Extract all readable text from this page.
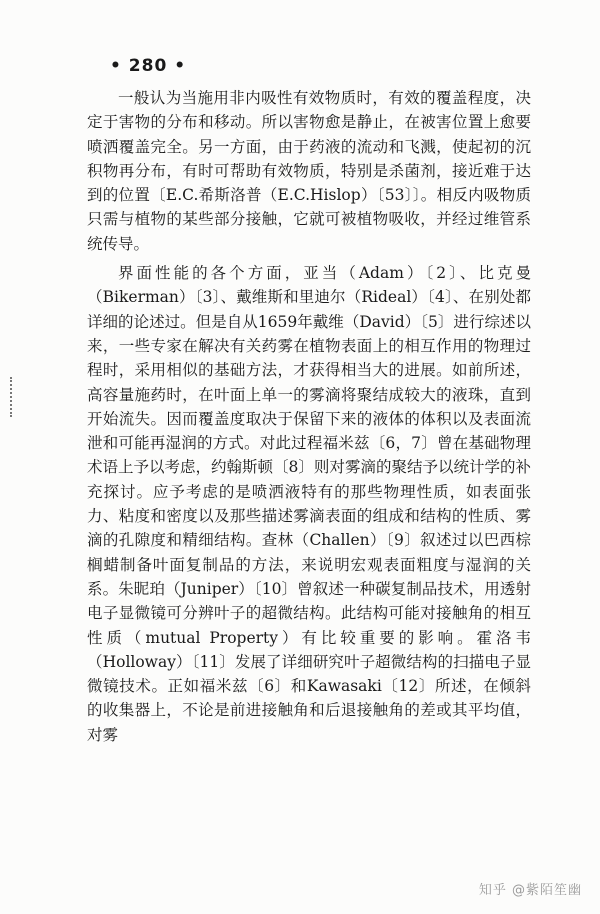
• 280 •

一般认为当施用非内吸性有效物质时，有效的覆盖程度，决定于害物的分布和移动。所以害物愈是静止，在被害位置上愈要喷洒覆盖完全。另一方面，由于药液的流动和飞溅，使起初的沉积物再分布，有时可帮助有效物质，特别是杀菌剂，接近难于达到的位置〔E.C.希斯洛普（E.C.Hislop）〔53〕〕。相反内吸物质只需与植物的某些部分接触，它就可被植物吸收，并经过维管系统传导。

界面性能的各个方面，亚当（Adam）〔2〕、比克曼（Bikerman）〔3〕、戴维斯和里迪尔（Rideal）〔4〕、在别处都详细的论述过。但是自从1659年戴维（David）〔5〕进行综述以来，一些专家在解决有关药雾在植物表面上的相互作用的物理过程时，采用相似的基础方法，才获得相当大的进展。如前所述，高容量施药时，在叶面上单一的雾滴将聚结成较大的液珠，直到开始流失。因而覆盖度取决于保留下来的液体的体积以及表面流泄和可能再湿润的方式。对此过程福米兹〔6，7〕曾在基础物理术语上予以考虑，约翰斯顿〔8〕则对雾滴的聚结予以统计学的补充探讨。应予考虑的是喷洒液特有的那些物理性质，如表面张力、粘度和密度以及那些描述雾滴表面的组成和结构的性质、雾滴的孔隙度和精细结构。查林（Challen）〔9〕叙述过以巴西棕榈蜡制备叶面复制品的方法，来说明宏观表面粗度与湿润的关系。朱昵珀（Juniper）〔10〕曾叙述一种碳复制品技术，用透射电子显微镜可分辨叶子的超微结构。此结构可能对接触角的相互性质（mutual Property）有比较重要的影响。霍洛韦（Holloway）〔11〕发展了详细研究叶子超微结构的扫描电子显微镜技术。正如福米兹〔6〕和Kawasaki〔12〕所述，在倾斜的收集器上，不论是前进接触角和后退接触角的差或其平均值，对雾

知乎 @紫陌笙幽
